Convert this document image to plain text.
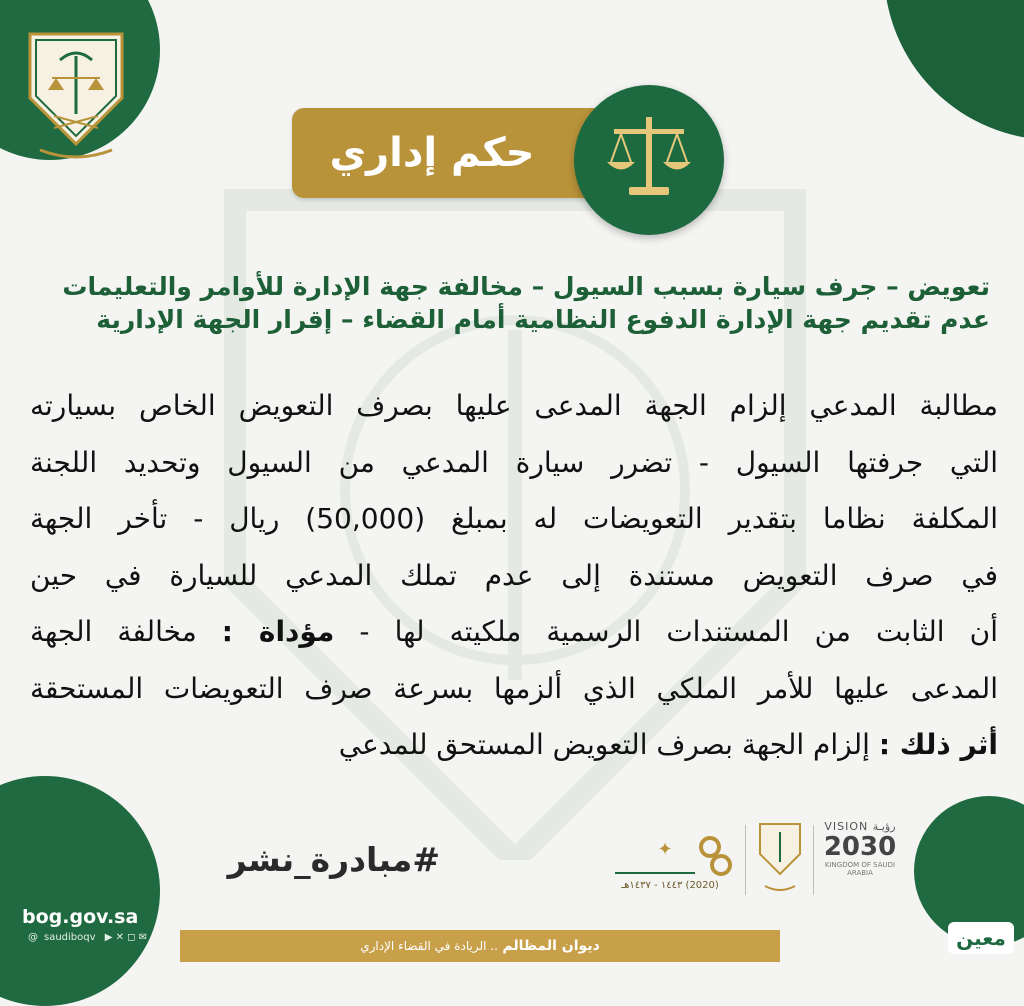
حكم إداري
تعويض – جرف سيارة بسبب السيول – مخالفة جهة الإدارة للأوامر والتعليمات
عدم تقديم جهة الإدارة الدفوع النظامية أمام القضاء – إقرار الجهة الإدارية

مطالبة المدعي إلزام الجهة المدعى عليها بصرف التعويض الخاص بسيارته

التي جرفتها السيول - تضرر سيارة المدعي من السيول وتحديد اللجنة

المكلفة نظاما بتقدير التعويضات له بمبلغ (50,000) ريال - تأخر الجهة

في صرف التعويض مستندة إلى عدم تملك المدعي للسيارة في حين

أن الثابت من المستندات الرسمية ملكيته لها - مؤداة : مخالفة الجهة

المدعى عليها للأمر الملكي الذي ألزمها بسرعة صرف التعويضات المستحقة

أثر ذلك : إلزام الجهة بصرف التعويض المستحق للمدعي

#مبادرة_نشر
bog.gov.sa
@ saudiboqv ▶ ✕ ◻ ✉
✦
(2020) ١٤٤٣ - ١٤٣٧هـ
VISION رؤيـة
2030
KINGDOM OF SAUDI ARABIA
ديوان المظالم .. الريادة في القضاء الإداري	معين
